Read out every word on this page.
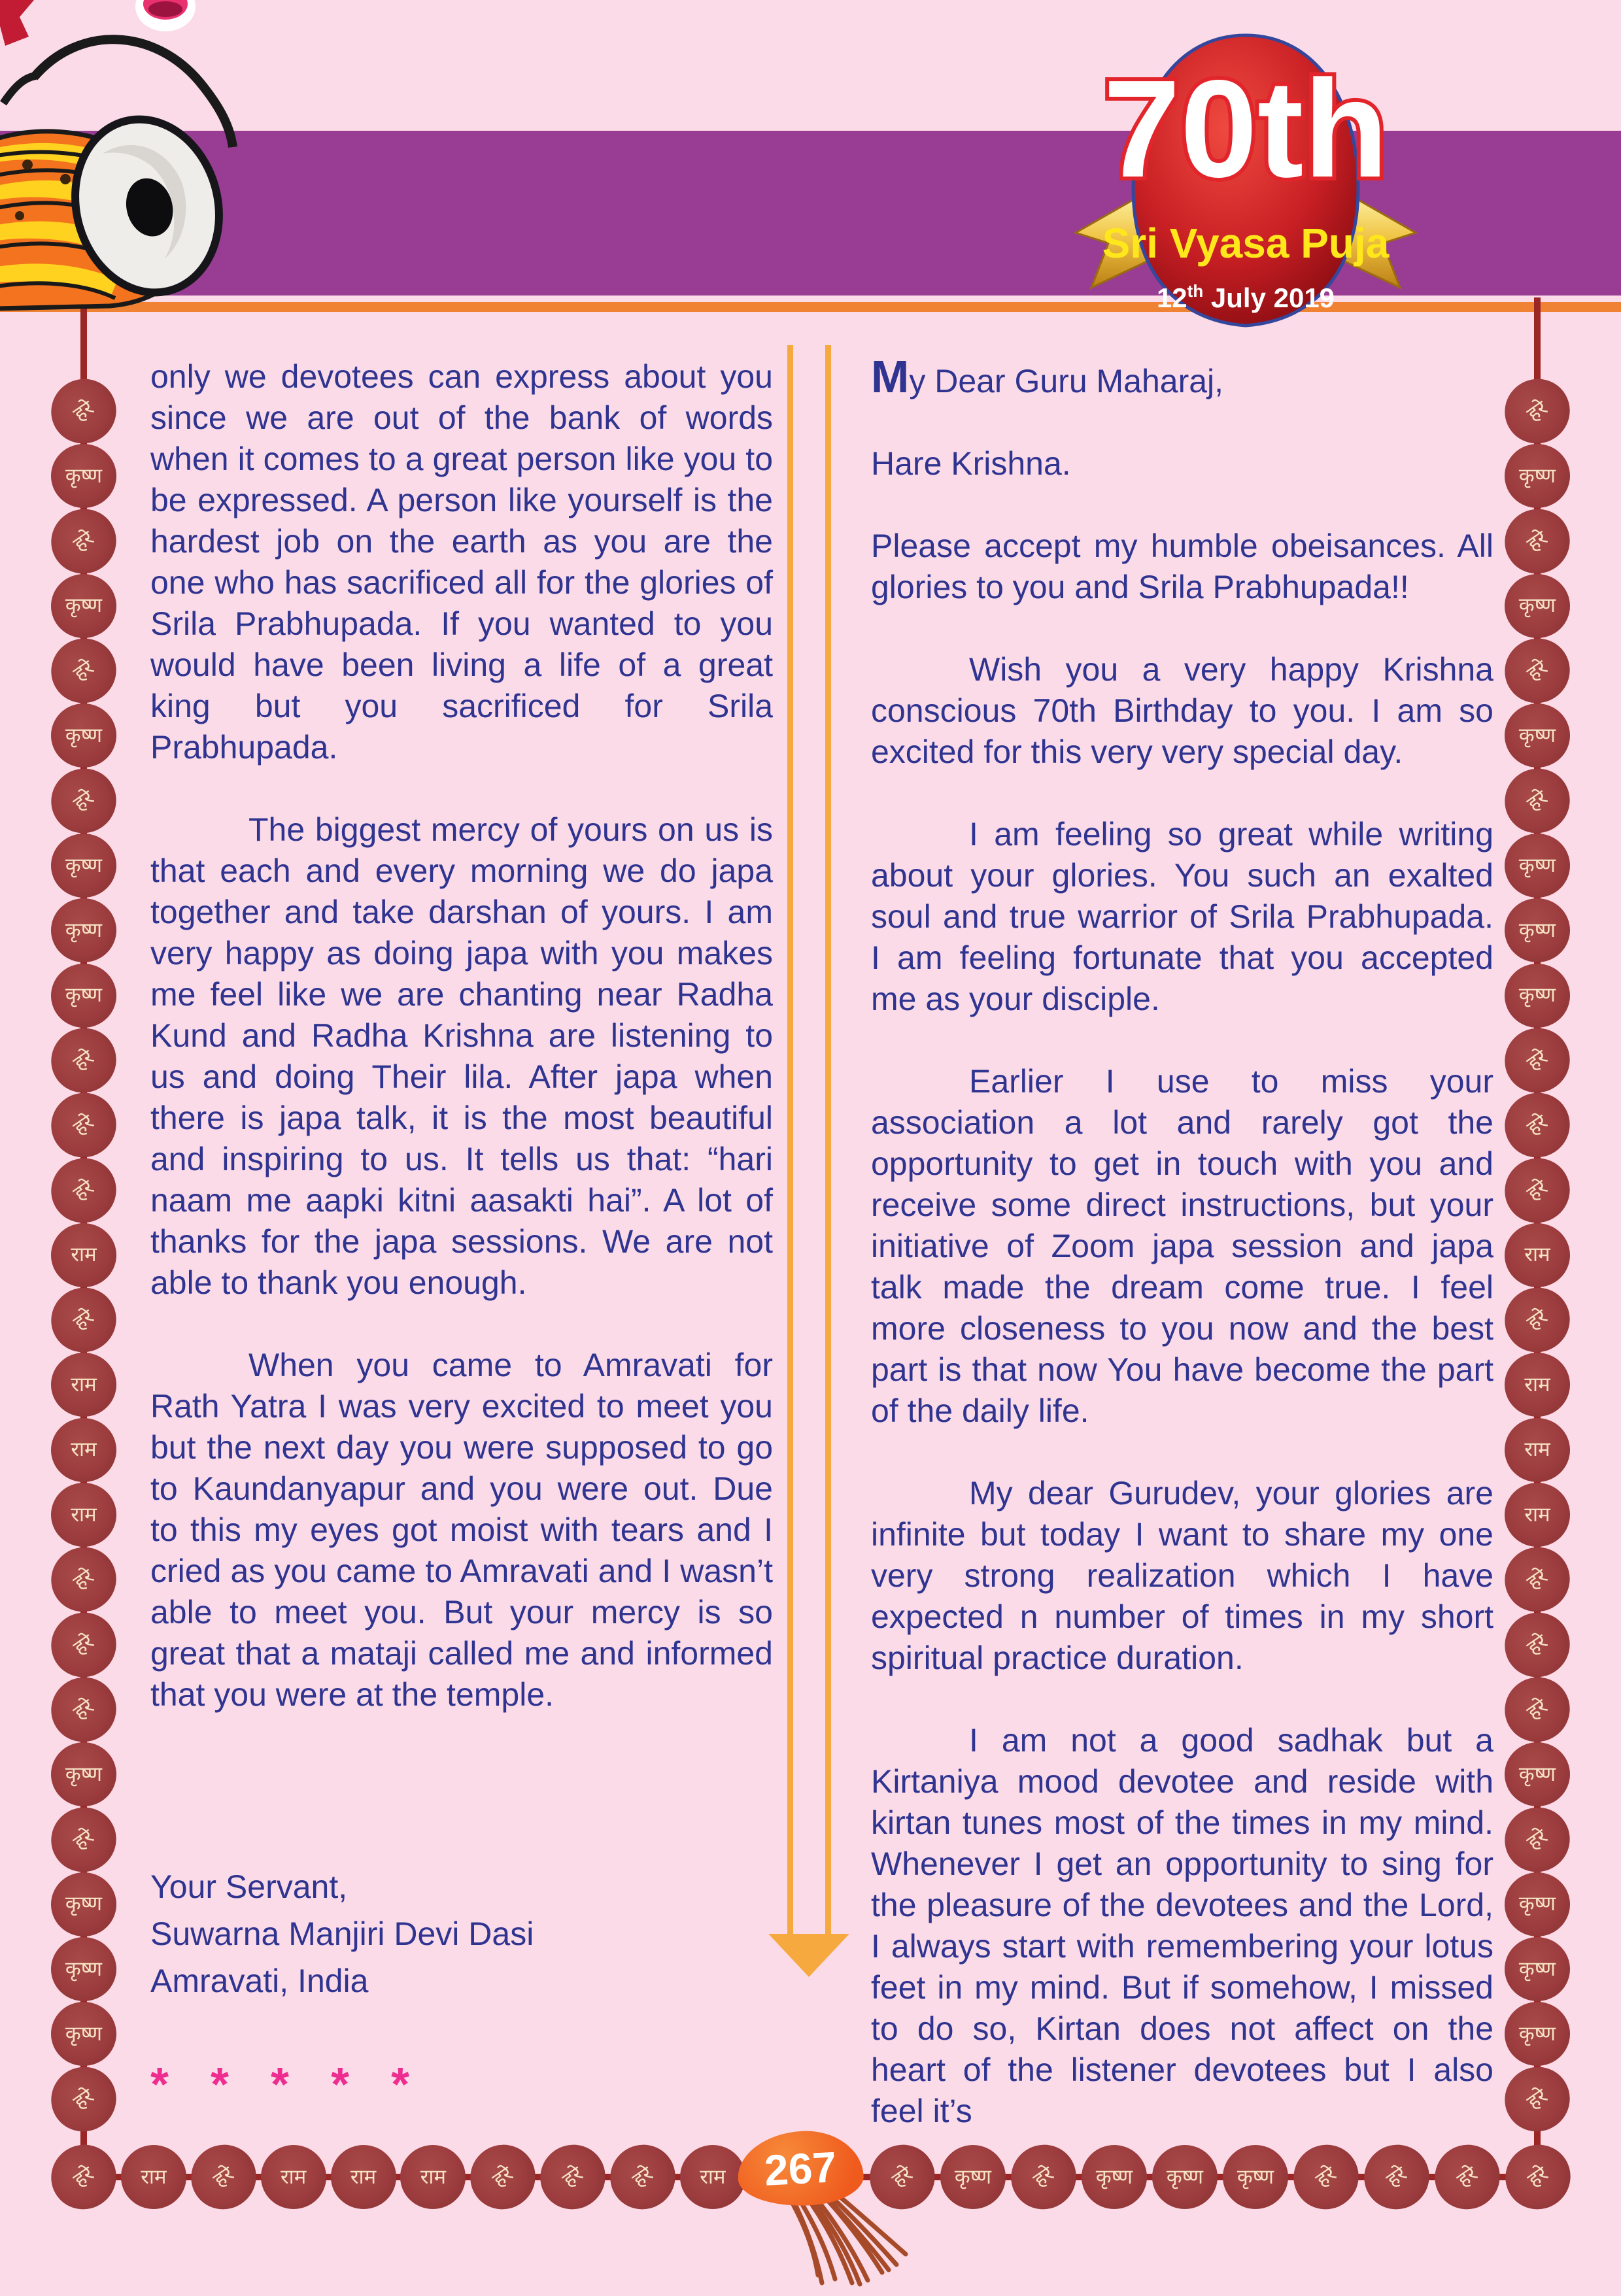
70th
Sri Vyasa Puja
12th July 2019
हरे
कृष्ण
हरे
कृष्ण
हरे
कृष्ण
हरे
कृष्ण
कृष्ण
कृष्ण
हरे
हरे
हरे
राम
हरे
राम
राम
राम
हरे
हरे
हरे
कृष्ण
हरे
कृष्ण
कृष्ण
कृष्ण
हरे
हरे
कृष्ण
हरे
कृष्ण
हरे
कृष्ण
हरे
कृष्ण
कृष्ण
कृष्ण
हरे
हरे
हरे
राम
हरे
राम
राम
राम
हरे
हरे
हरे
कृष्ण
हरे
कृष्ण
कृष्ण
कृष्ण
हरे
हरे	राम	हरे	राम	राम	राम	हरे	हरे	हरे	राम	हरे	कृष्ण	हरे	कृष्ण	कृष्ण	कृष्ण	हरे	हरे	हरे	हरे

only we devotees can express about you since we are out of the bank of words when it comes to a great person like you to be expressed. A person like yourself is the hardest job on the earth as you are the one who has sacrificed all for the glories of Srila Prabhupada. If you wanted to you would have been living a life of a great king but you sacrificed for Srila Prabhupada.

The biggest mercy of yours on us is that each and every morning we do japa together and take darshan of yours. I am very happy as doing japa with you makes me feel like we are chanting near Radha Kund and Radha Krishna are listening to us and doing Their lila. After japa when there is japa talk, it is the most beautiful and inspiring to us. It tells us that: “hari naam me aapki kitni aasakti hai”. A lot of thanks for the japa sessions. We are not able to thank you enough.

When you came to Amravati for Rath Yatra I was very excited to meet you but the next day you were supposed to go to Kaundanyapur and you were out. Due to this my eyes got moist with tears and I cried as you came to Amravati and I wasn’t able to meet you. But your mercy is so great that a mataji called me and informed that you were at the temple.

Your Servant,
Suwarna Manjiri Devi Dasi
Amravati, India
* * * * *

My Dear Guru Maharaj,

Hare Krishna.

Please accept my humble obeisances. All glories to you and Srila Prabhupada!!

Wish you a very happy Krishna conscious 70th Birthday to you. I am so excited for this very very special day.

I am feeling so great while writing about your glories. You such an exalted soul and true warrior of Srila Prabhupada. I am feeling fortunate that you accepted me as your disciple.

Earlier I use to miss your association a lot and rarely got the opportunity to get in touch with you and receive some direct instructions, but your initiative of Zoom japa session and japa talk made the dream come true. I feel more closeness to you now and the best part is that now You have become the part of the daily life.

My dear Gurudev, your glories are infinite but today I want to share my one very strong realization which I have expected n number of times in my short spiritual practice duration.

I am not a good sadhak but a Kirtaniya mood devotee and reside with kirtan tunes most of the times in my mind. Whenever I get an opportunity to sing for the pleasure of the devotees and the Lord, I always start with remembering your lotus feet in my mind. But if somehow, I missed to do so, Kirtan does not affect on the heart of the listener devotees but I also feel it’s

267
